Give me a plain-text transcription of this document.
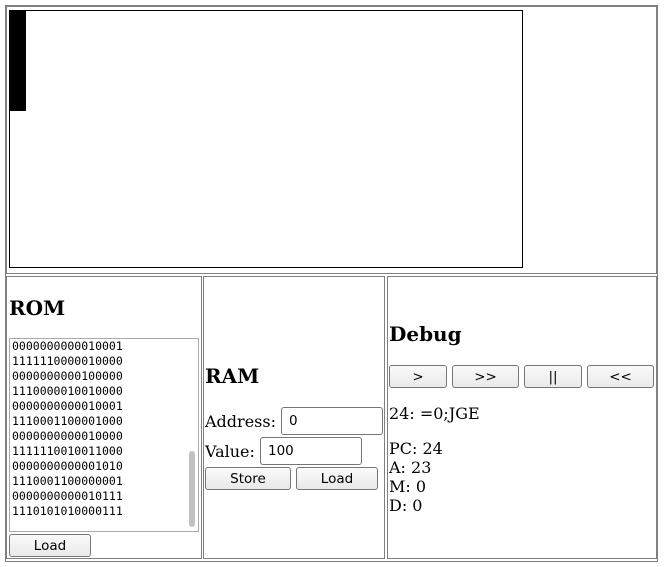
ROM
0000000000010001
1111110000010000
0000000000100000
1110000010010000
0000000000010001
1110001100001000
0000000000010000
1111110010011000
0000000000001010
1110001100000001
0000000000010111
1110101010000111
Load
RAM
Address: 0
Value: 100
Store	Load
Debug
>	>>	||	<<
24: =0;JGE
PC: 24
A: 23
M: 0
D: 0
